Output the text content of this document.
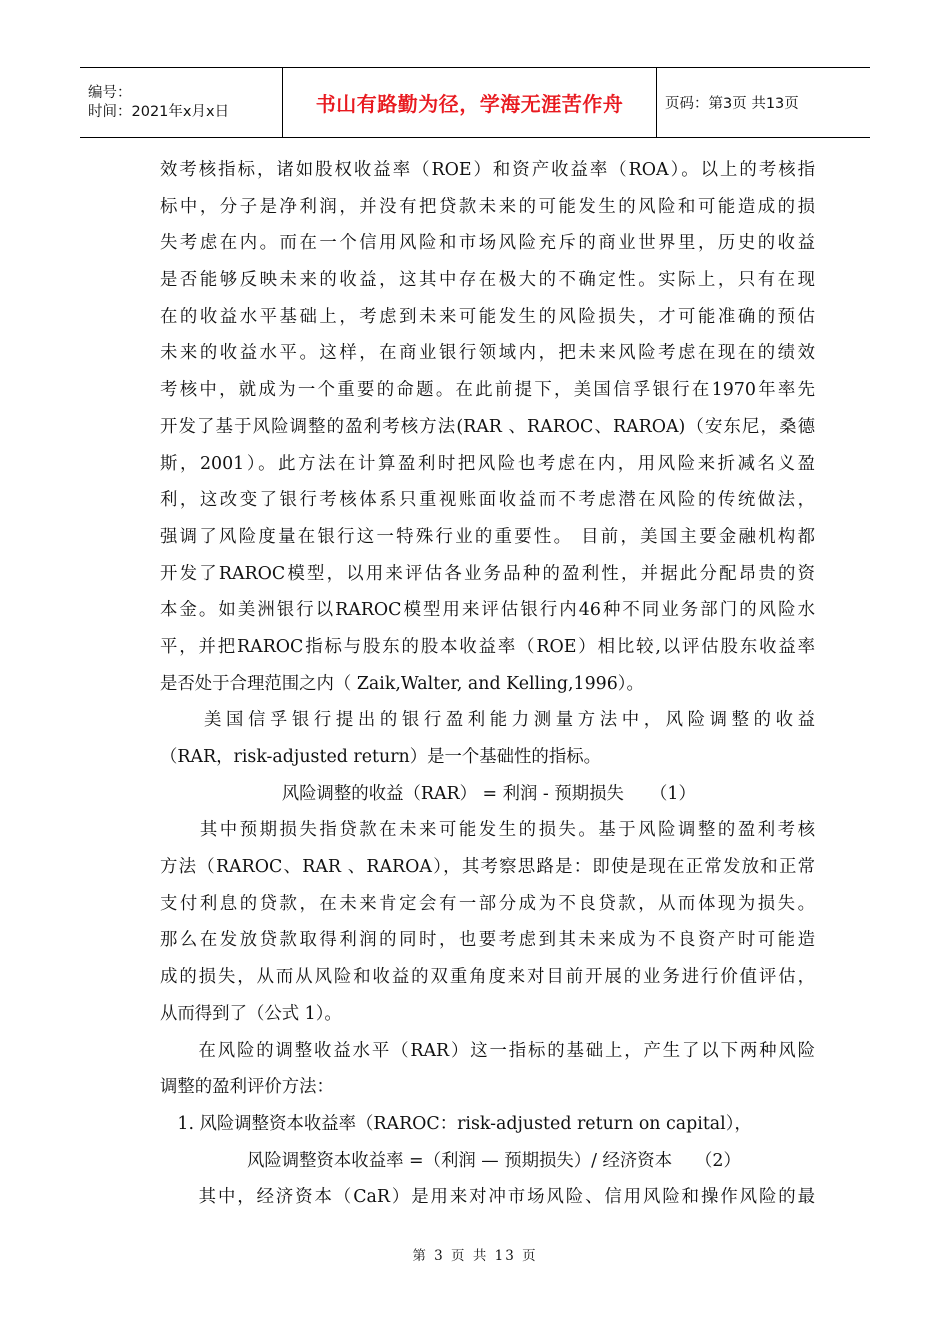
编号：
时间：2021年x月x日	书山有路勤为径，学海无涯苦作舟	页码：第3页 共13页
效考核指标，诸如股权收益率（ROE）和资产收益率（ROA）。以上的考核指
标中，分子是净利润，并没有把贷款未来的可能发生的风险和可能造成的损
失考虑在内。而在一个信用风险和市场风险充斥的商业世界里，历史的收益
是否能够反映未来的收益，这其中存在极大的不确定性。实际上，只有在现
在的收益水平基础上，考虑到未来可能发生的风险损失，才可能准确的预估
未来的收益水平。这样，在商业银行领域内，把未来风险考虑在现在的绩效
考核中，就成为一个重要的命题。在此前提下，美国信孚银行在1970年率先
开发了基于风险调整的盈利考核方法(RAR 、RAROC、RAROA)（安东尼，桑德
斯，2001）。此方法在计算盈利时把风险也考虑在内，用风险来折减名义盈
利，这改变了银行考核体系只重视账面收益而不考虑潜在风险的传统做法，
强调了风险度量在银行这一特殊行业的重要性。 目前，美国主要金融机构都
开发了RAROC模型，以用来评估各业务品种的盈利性，并据此分配昂贵的资
本金。如美洲银行以RAROC模型用来评估银行内46种不同业务部门的风险水
平，并把RAROC指标与股东的股本收益率（ROE）相比较,以评估股东收益率
是否处于合理范围之内（ Zaik,Walter, and Kelling,1996）。
　　美国信孚银行提出的银行盈利能力测量方法中，风险调整的收益
（RAR，risk-adjusted return）是一个基础性的指标。
　　　　　　　风险调整的收益（RAR） = 利润 - 预期损失　　（1）
　　其中预期损失指贷款在未来可能发生的损失。基于风险调整的盈利考核
方法（RAROC、RAR 、RAROA），其考察思路是：即使是现在正常发放和正常
支付利息的贷款，在未来肯定会有一部分成为不良贷款，从而体现为损失。
那么在发放贷款取得利润的同时，也要考虑到其未来成为不良资产时可能造
成的损失，从而从风险和收益的双重角度来对目前开展的业务进行价值评估，
从而得到了（公式 1）。
　　在风险的调整收益水平（RAR）这一指标的基础上，产生了以下两种风险
调整的盈利评价方法：
　1. 风险调整资本收益率（RAROC：risk-adjusted return on capital），
　　　　　风险调整资本收益率 =（利润 — 预期损失）/ 经济资本　 （2）
　　其中，经济资本（CaR）是用来对冲市场风险、信用风险和操作风险的最
第 3 页 共 13 页
